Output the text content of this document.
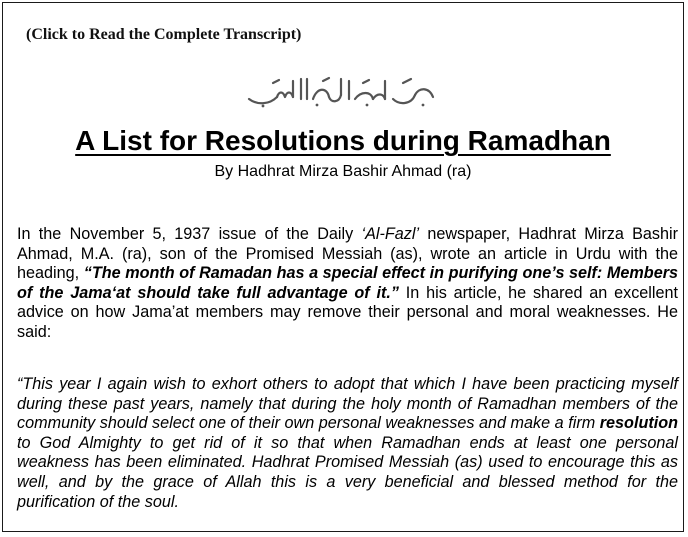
(Click to Read the Complete Transcript)
A List for Resolutions during Ramadhan
By Hadhrat Mirza Bashir Ahmad (ra)

In the November 5, 1937 issue of the Daily ‘Al-Fazl’ newspaper, Hadhrat Mirza Bashir Ahmad, M.A. (ra), son of the Promised Messiah (as), wrote an article in Urdu with the heading, “The month of Ramadan has a special effect in purifying one’s self: Members of the Jama‘at should take full advantage of it.” In his article, he shared an excellent advice on how Jama’at members may remove their personal and moral weaknesses. He said:

“This year I again wish to exhort others to adopt that which I have been practicing myself during these past years, namely that during the holy month of Ramadhan members of the community should select one of their own personal weaknesses and make a firm resolution to God Almighty to get rid of it so that when Ramadhan ends at least one personal weakness has been eliminated. Hadhrat Promised Messiah (as) used to encourage this as well, and by the grace of Allah this is a very beneficial and blessed method for the purification of the soul.
